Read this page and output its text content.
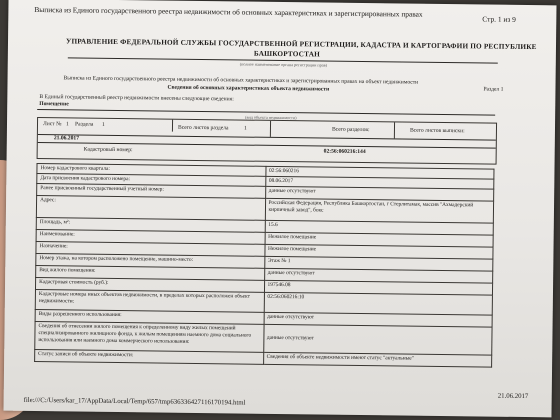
Выписка из Единого государственного реестра недвижимости об основных характеристиках и зарегистрированных правах
Стр. 1 из 9
УПРАВЛЕНИЕ ФЕДЕРАЛЬНОЙ СЛУЖБЫ ГОСУДАРСТВЕННОЙ РЕГИСТРАЦИИ, КАДАСТРА И КАРТОГРАФИИ ПО РЕСПУБЛИКЕ
БАШКОРТОСТАН
(полное наименование органа регистрации прав)
Выписка из Единого государственного реестра недвижимости об основных характеристиках и зарегистрированных правах на объект недвижимости
Раздел 1
Сведения об основных характеристиках объекта недвижимости
В Единый государственный реестр недвижимости внесены следующие сведения:
Помещение
(вид объекта недвижимости)
Лист № 1 Раздела 1	Всего листов раздела	1	Всего разделов:	Всего листов выписки:
21.06.2017
Кадастровый номер:	02:56:060216:144
Номер кадастрового квартала:	02:56:060216
Дата присвоения кадастрового номера:	08.06.2017
Ранее присвоенный государственный учетный номер:	данные отсутствуют
Адрес:	Российская Федерация, Республика Башкортостан, г Стерлитамак, массив "Ахмадерский кирпичный завод", бокс
Площадь, м²:	15.6
Наименование:	Нежилое помещение
Назначение:	Нежилое помещение
Номер этажа, на котором расположено помещение, машино-место:	Этаж № 1
Вид жилого помещения:	данные отсутствуют
Кадастровая стоимость (руб.):	197546.08
Кадастровые номера иных объектов недвижимости, в пределах которых расположен объект недвижимости:	02:56:060216:10
Виды разрешенного использования:	данные отсутствуют
Сведения об отнесении жилого помещения к определенному виду жилых помещений специализированного жилищного фонда, к жилым помещениям наемного дома социального использования или наемного дома коммерческого использования:	данные отсутствуют
Статус записи об объекте недвижимости:	Сведения об объекте недвижимости имеют статус "актуальные"
file:///C:/Users/kar_17/AppData/Local/Temp/657/tmp636336427116170194.html
21.06.2017
